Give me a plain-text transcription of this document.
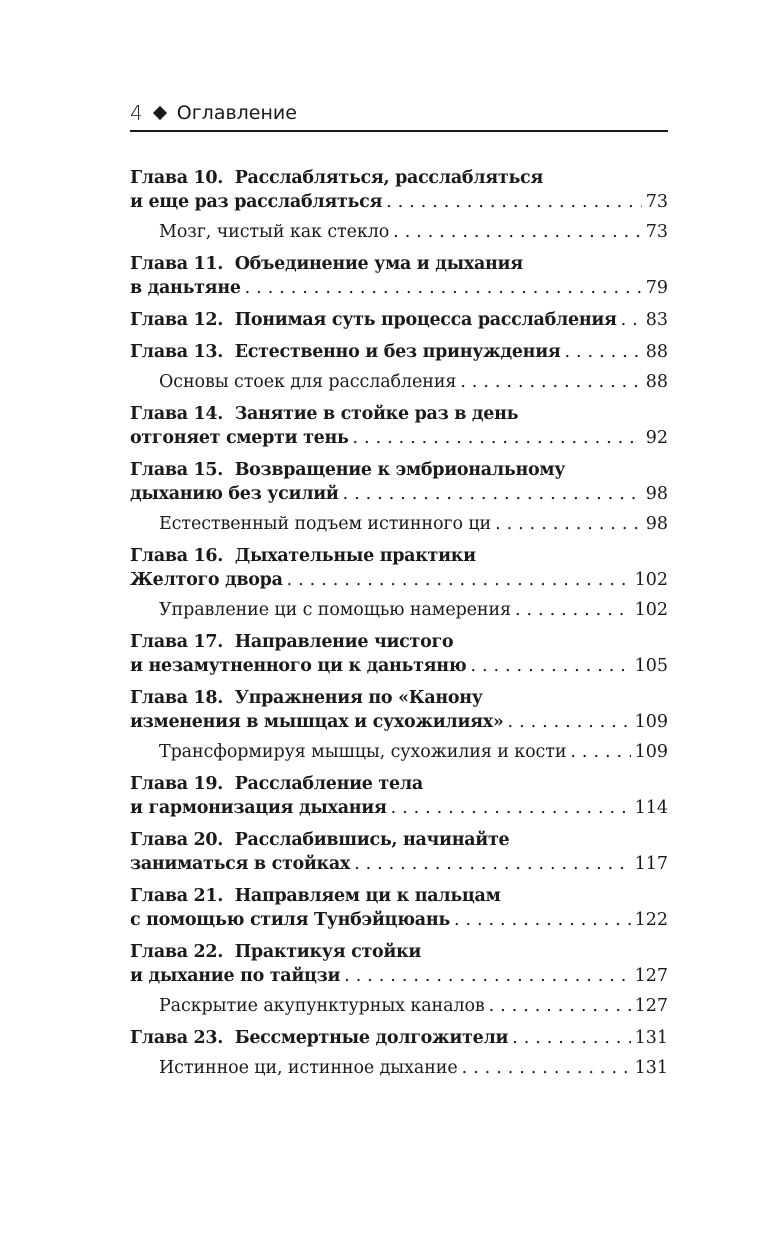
4 Оглавление
Глава 10.  Расслабляться, расслабляться
и еще раз расслабляться . . .	73
Мозг, чистый как стекло . . .	73
Глава 11.  Объединение ума и дыхания
в даньтяне . . .	79
Глава 12.  Понимая суть процесса расслабления . . . 83
Глава 13.  Естественно и без принуждения . . .	88
Основы стоек для расслабления . . .	88
Глава 14.  Занятие в стойке раз в день
отгоняет смерти тень . . .	92
Глава 15.  Возвращение к эмбриональному
дыханию без усилий . . .	98
Естественный подъем истинного ци . . .	98
Глава 16.  Дыхательные практики
Желтого двора . . .	102
Управление ци с помощью намерения . . .	102
Глава 17.  Направление чистого
и незамутненного ци к даньтяню . . .	105
Глава 18.  Упражнения по «Канону
изменения в мышцах и сухожилиях» . . .	109
Трансформируя мышцы, сухожилия и кости . . .	109
Глава 19.  Расслабление тела
и гармонизация дыхания . . .	114
Глава 20.  Расслабившись, начинайте
заниматься в стойках . . .	117
Глава 21.  Направляем ци к пальцам
с помощью стиля Тунбэйцюань . . .	122
Глава 22.  Практикуя стойки
и дыхание по тайцзи . . .	127
Раскрытие акупунктурных каналов . . .	127
Глава 23.  Бессмертные долгожители . . .	131
Истинное ци, истинное дыхание . . .	131
